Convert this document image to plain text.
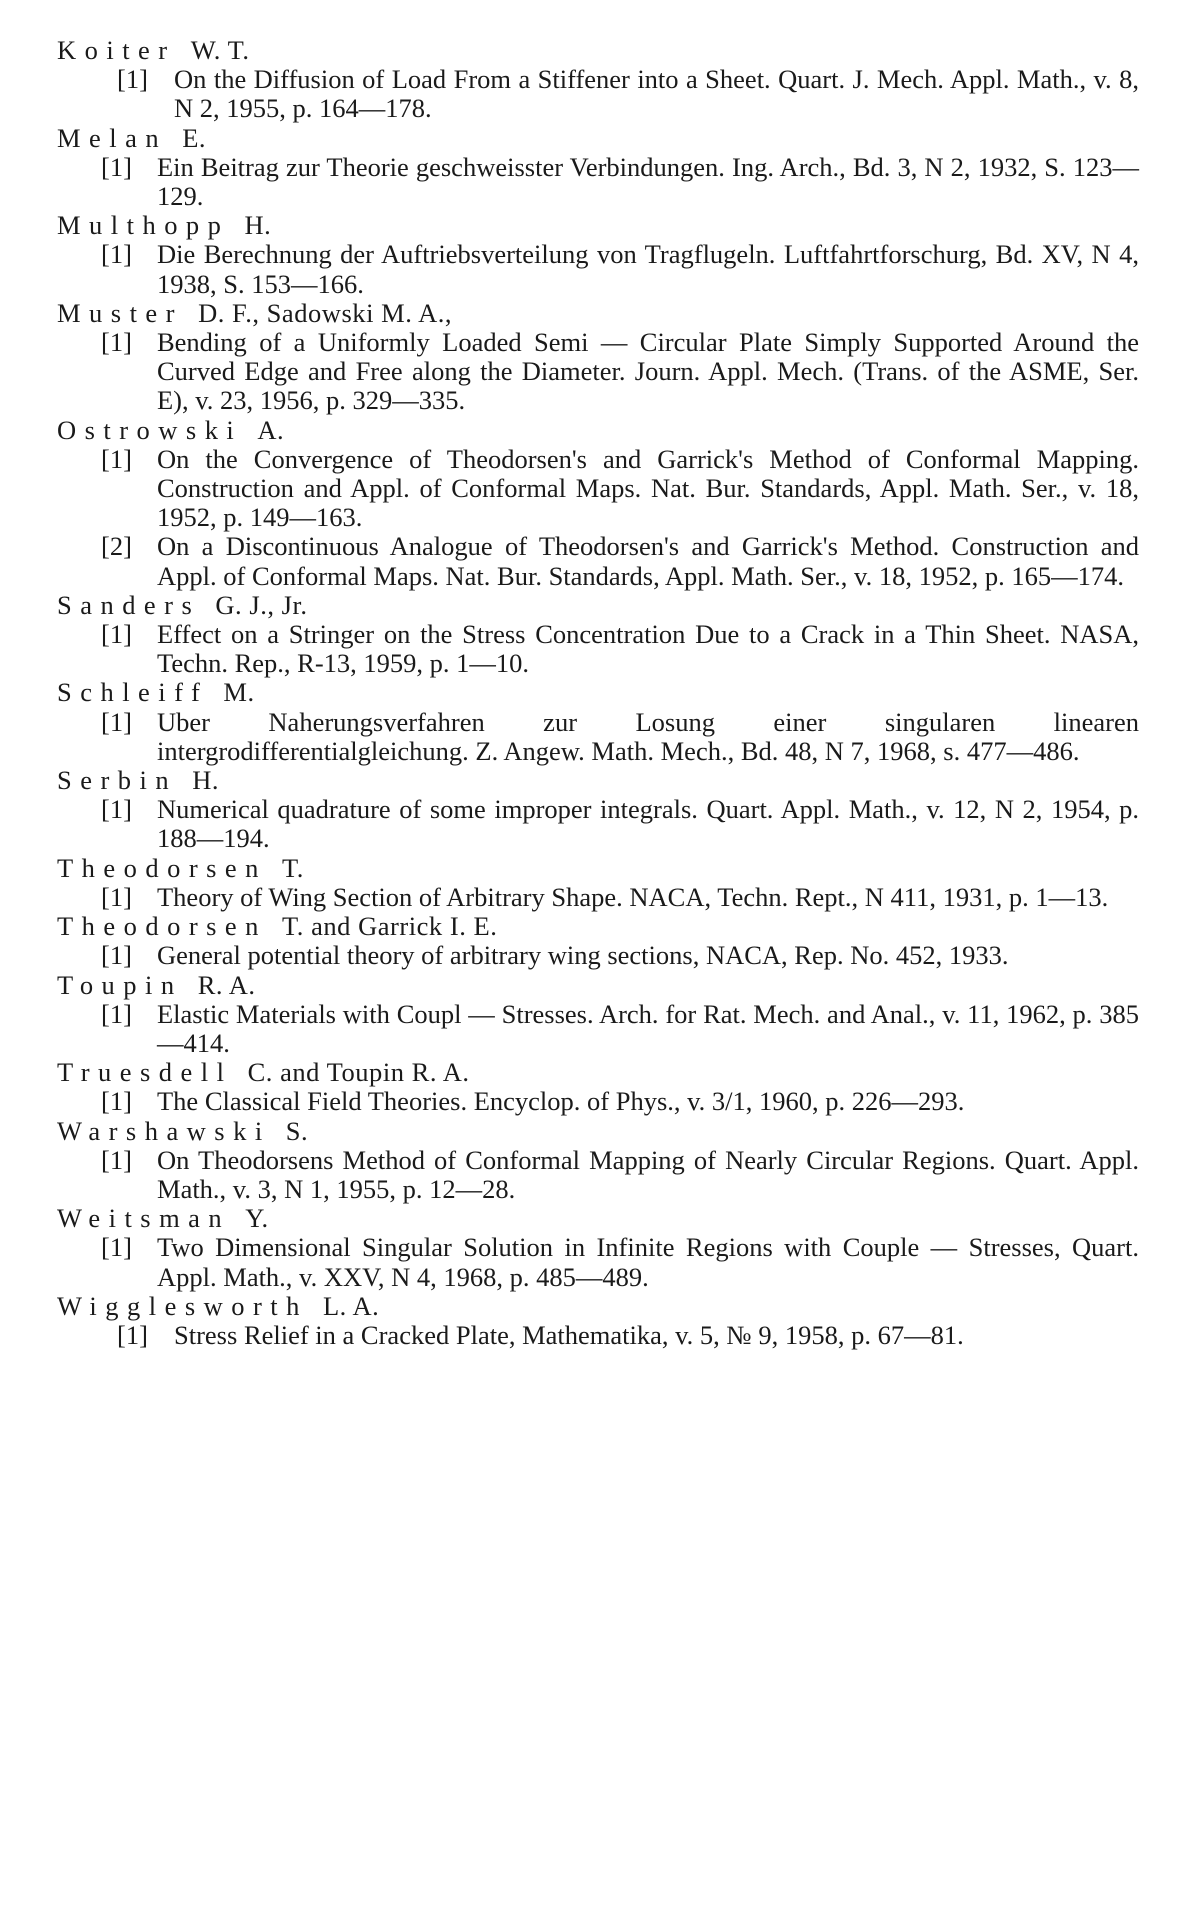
Koiter W. T.

[1] On the Diffusion of Load From a Stiffener into a Sheet. Quart. J. Mech. Appl. Math., v. 8, N 2, 1955, p. 164—178.

Melan E.

[1] Ein Beitrag zur Theorie geschweisster Verbindungen. Ing. Arch., Bd. 3, N 2, 1932, S. 123—129.

Multhopp H.

[1] Die Berechnung der Auftriebsverteilung von Tragflugeln. Luftfahrtforschurg, Bd. XV, N 4, 1938, S. 153—166.

Muster D. F., Sadowski M. A.,

[1] Bending of a Uniformly Loaded Semi — Circular Plate Simply Supported Around the Curved Edge and Free along the Diameter. Journ. Appl. Mech. (Trans. of the ASME, Ser. E), v. 23, 1956, p. 329—335.

Ostrowski A.

[1] On the Convergence of Theodorsen's and Garrick's Method of Conformal Mapping. Construction and Appl. of Conformal Maps. Nat. Bur. Standards, Appl. Math. Ser., v. 18, 1952, p. 149—163.

[2] On a Discontinuous Analogue of Theodorsen's and Garrick's Method. Construction and Appl. of Conformal Maps. Nat. Bur. Standards, Appl. Math. Ser., v. 18, 1952, p. 165—174.

Sanders G. J., Jr.

[1] Effect on a Stringer on the Stress Concentration Due to a Crack in a Thin Sheet. NASA, Techn. Rep., R-13, 1959, p. 1—10.

Schleiff M.

[1] Uber Naherungsverfahren zur Losung einer singularen linearen intergrodifferentialgleichung. Z. Angew. Math. Mech., Bd. 48, N 7, 1968, s. 477—486.

Serbin H.

[1] Numerical quadrature of some improper integrals. Quart. Appl. Math., v. 12, N 2, 1954, p. 188—194.

Theodorsen T.

[1] Theory of Wing Section of Arbitrary Shape. NACA, Techn. Rept., N 411, 1931, p. 1—13.

Theodorsen T. and Garrick I. E.

[1] General potential theory of arbitrary wing sections, NACA, Rep. No. 452, 1933.

Toupin R. A.

[1] Elastic Materials with Coupl — Stresses. Arch. for Rat. Mech. and Anal., v. 11, 1962, p. 385—414.

Truesdell C. and Toupin R. A.

[1] The Classical Field Theories. Encyclop. of Phys., v. 3/1, 1960, p. 226—293.

Warshawski S.

[1] On Theodorsens Method of Conformal Mapping of Nearly Circular Regions. Quart. Appl. Math., v. 3, N 1, 1955, p. 12—28.

Weitsman Y.

[1] Two Dimensional Singular Solution in Infinite Regions with Couple — Stresses, Quart. Appl. Math., v. XXV, N 4, 1968, p. 485—489.

Wigglesworth L. A.

[1] Stress Relief in a Cracked Plate, Mathematika, v. 5, № 9, 1958, p. 67—81.
